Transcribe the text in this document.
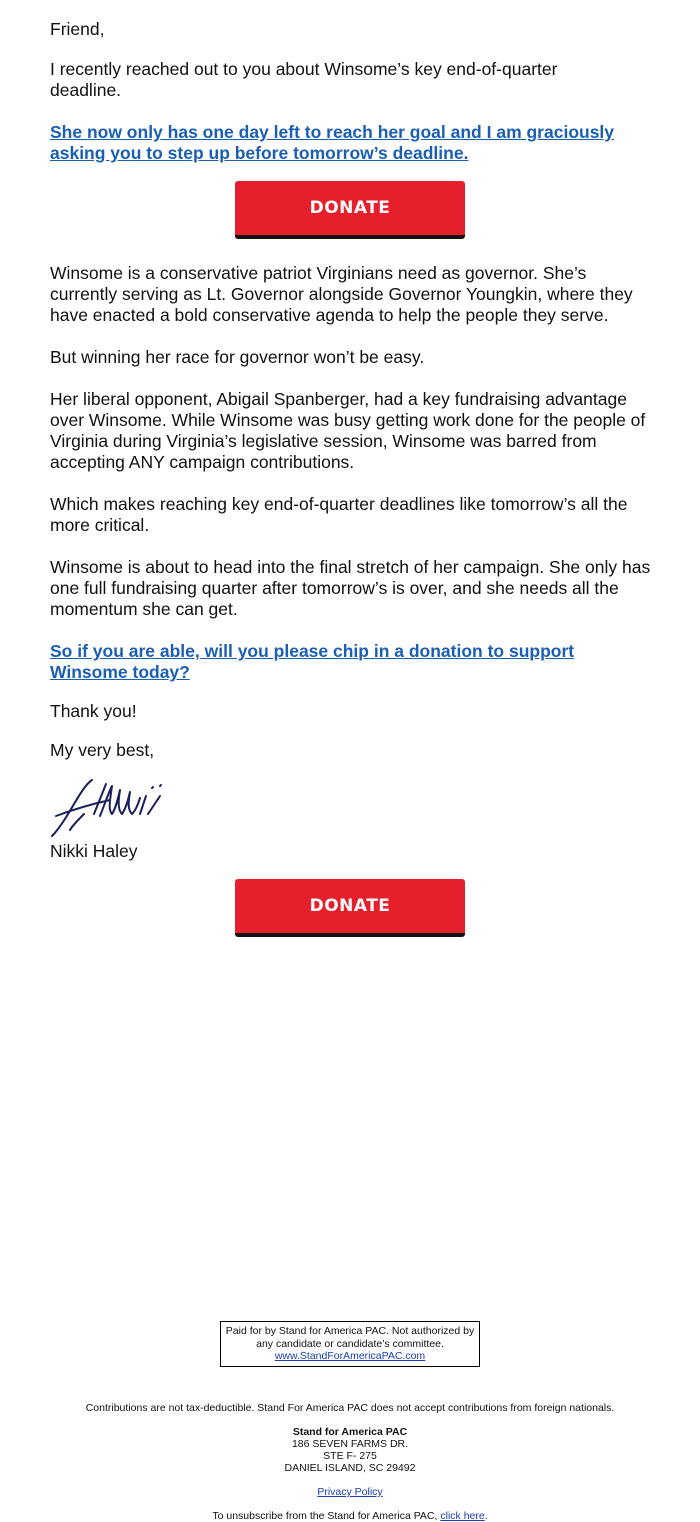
Friend,

I recently reached out to you about Winsome’s key end-of-quarter deadline.

She now only has one day left to reach her goal and I am graciously asking you to step up before tomorrow’s deadline.
DONATE

Winsome is a conservative patriot Virginians need as governor. She’s currently serving as Lt. Governor alongside Governor Youngkin, where they have enacted a bold conservative agenda to help the people they serve.

But winning her race for governor won’t be easy.

Her liberal opponent, Abigail Spanberger, had a key fundraising advantage over Winsome. While Winsome was busy getting work done for the people of Virginia during Virginia’s legislative session, Winsome was barred from accepting ANY campaign contributions.

Which makes reaching key end-of-quarter deadlines like tomorrow’s all the more critical.

Winsome is about to head into the final stretch of her campaign. She only has one full fundraising quarter after tomorrow’s is over, and she needs all the momentum she can get.

So if you are able, will you please chip in a donation to support Winsome today?

Thank you!

My very best,

Nikki Haley

DONATE
Paid for by Stand for America PAC. Not authorized by any candidate or candidate’s committee.
www.StandForAmericaPAC.com
Contributions are not tax-deductible. Stand For America PAC does not accept contributions from foreign nationals.
Stand for America PAC
186 SEVEN FARMS DR.
STE F- 275
DANIEL ISLAND, SC 29492
Privacy Policy
To unsubscribe from the Stand for America PAC, click here.
